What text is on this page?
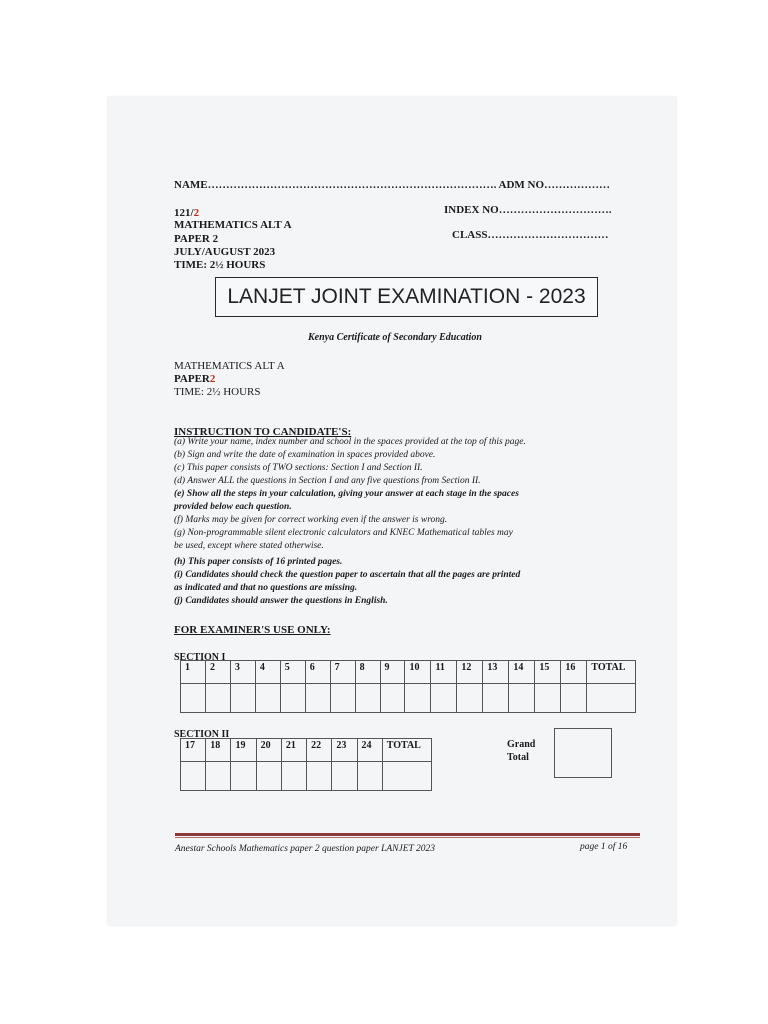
NAME……………………………………………………………………. ADM NO………………
121/2	INDEX NO………………………….
MATHEMATICS ALT A
CLASS……………………………
PAPER 2
JULY/AUGUST 2023
TIME: 2½ HOURS
LANJET JOINT EXAMINATION - 2023
Kenya Certificate of Secondary Education
MATHEMATICS ALT A
PAPER2
TIME: 2½ HOURS
INSTRUCTION TO CANDIDATE'S:
(a) Write your name, index number and school in the spaces provided at the top of this page.
(b) Sign and write the date of examination in spaces provided above.
(c) This paper consists of TWO sections: Section I and Section II.
(d) Answer ALL the questions in Section I and any five questions from Section II.
(e) Show all the steps in your calculation, giving your answer at each stage in the spaces
provided below each question.
(f) Marks may be given for correct working even if the answer is wrong.
(g) Non-programmable silent electronic calculators and KNEC Mathematical tables may
be used, except where stated otherwise.
(h) This paper consists of 16 printed pages.
(i) Candidates should check the question paper to ascertain that all the pages are printed
as indicated and that no questions are missing.
(j) Candidates should answer the questions in English.
FOR EXAMINER'S USE ONLY:
SECTION I
1	2	3	4	5	6	7	8	9	10	11	12	13	14	15	16	TOTAL

SECTION II
17	18	19	20	21	22	23	24	TOTAL
									Grand Total
Anestar Schools Mathematics paper 2 question paper LANJET 2023	page 1 of 16
